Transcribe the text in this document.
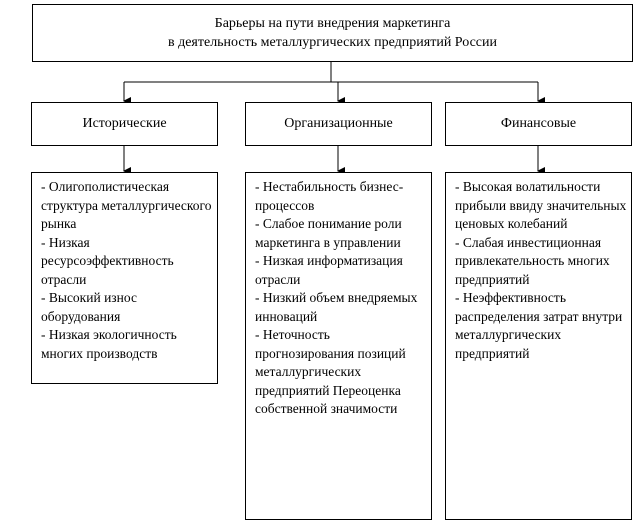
Барьеры на пути внедрения маркетинга
в деятельность металлургических предприятий России
Исторические	Организационные	Финансовые
- Олигополистическая структура металлургического рынка
- Низкая ресурсоэффективность отрасли
- Высокий износ оборудования
- Низкая экологичность многих производств
- Нестабильность бизнес-процессов
- Слабое понимание роли маркетинга в управлении
- Низкая информатизация отрасли
- Низкий объем внедряемых инноваций
- Неточность прогнозирования позиций металлургических предприятий Переоценка собственной значимости
- Высокая волатильности прибыли ввиду значительных ценовых колебаний
- Слабая инвестиционная привлекательность многих предприятий
- Неэффективность распределения затрат внутри металлургических предприятий
